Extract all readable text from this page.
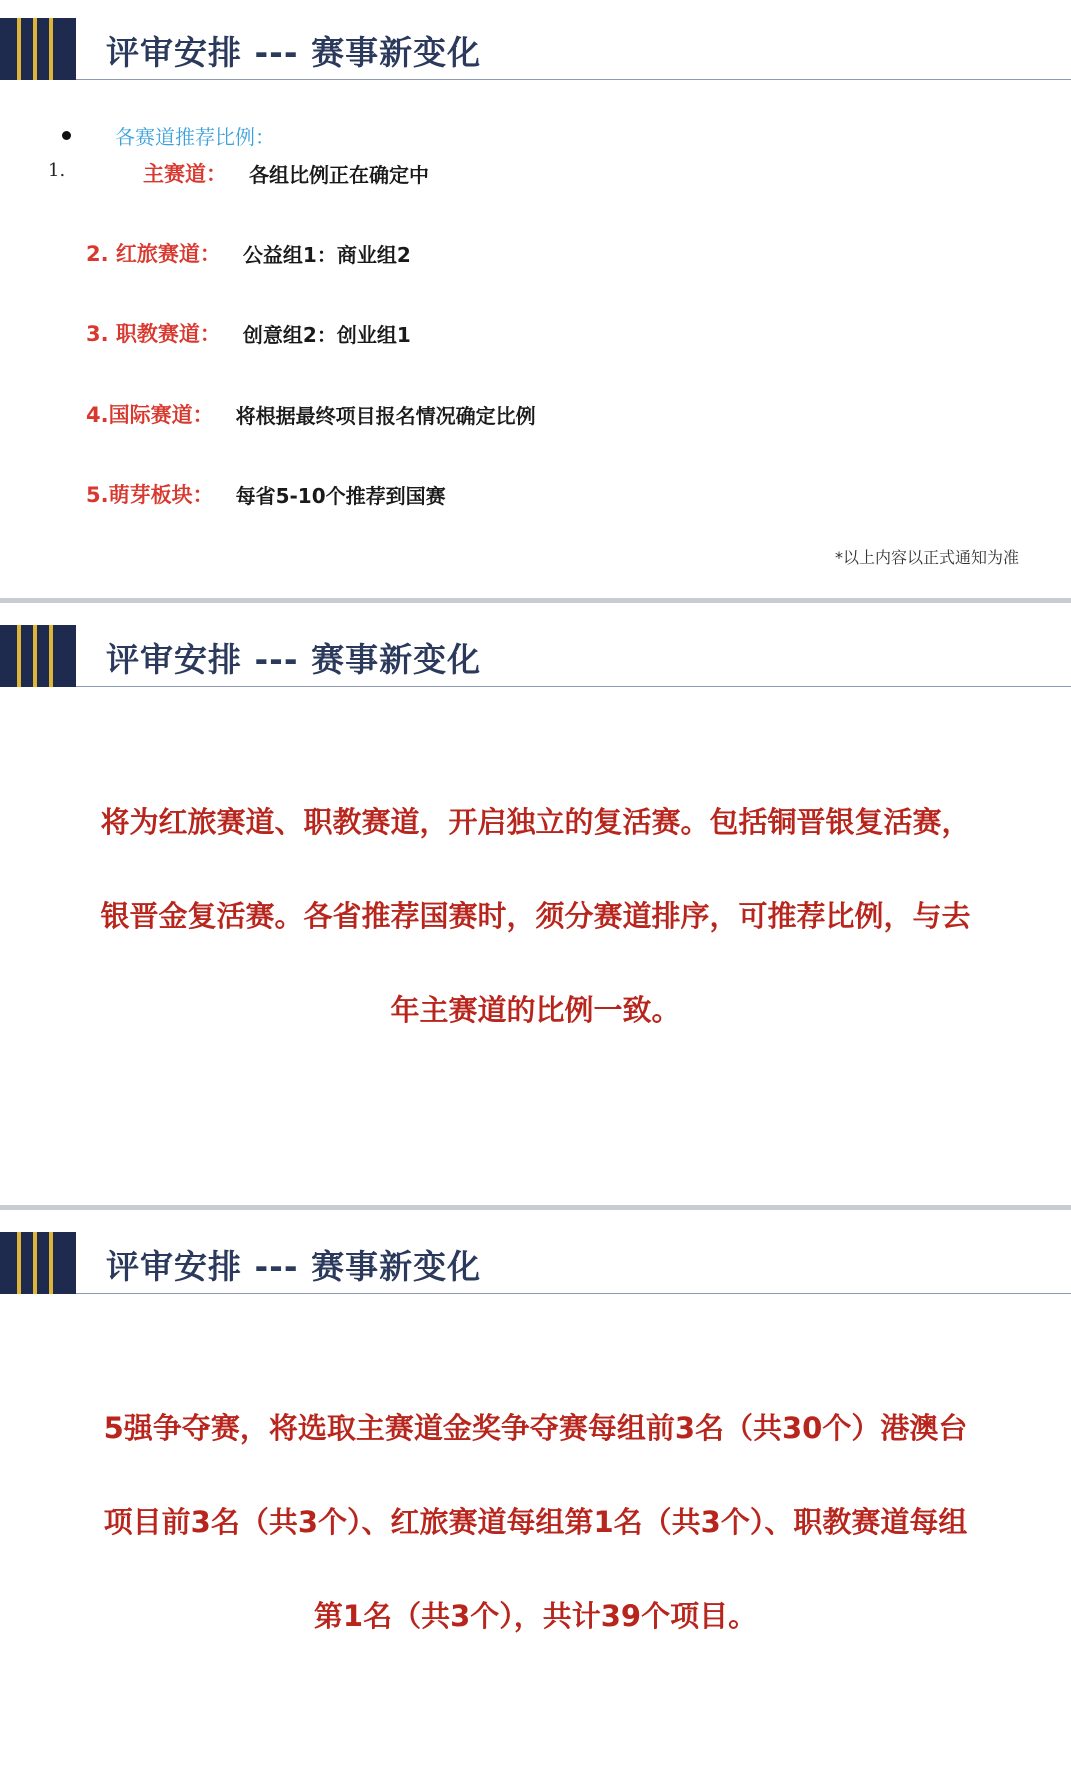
评审安排 --- 赛事新变化
各赛道推荐比例：
1.	主赛道： 各组比例正在确定中
2. 红旅赛道： 公益组1：商业组2
3. 职教赛道： 创意组2：创业组1
4.国际赛道： 将根据最终项目报名情况确定比例
5.萌芽板块： 每省5-10个推荐到国赛
*以上内容以正式通知为准
评审安排 --- 赛事新变化
将为红旅赛道、职教赛道，开启独立的复活赛。包括铜晋银复活赛，银晋金复活赛。各省推荐国赛时，须分赛道排序，可推荐比例，与去年主赛道的比例一致。
评审安排 --- 赛事新变化
5强争夺赛，将选取主赛道金奖争夺赛每组前3名（共30个）港澳台项目前3名（共3个）、红旅赛道每组第1名（共3个）、职教赛道每组第1名（共3个），共计39个项目。
